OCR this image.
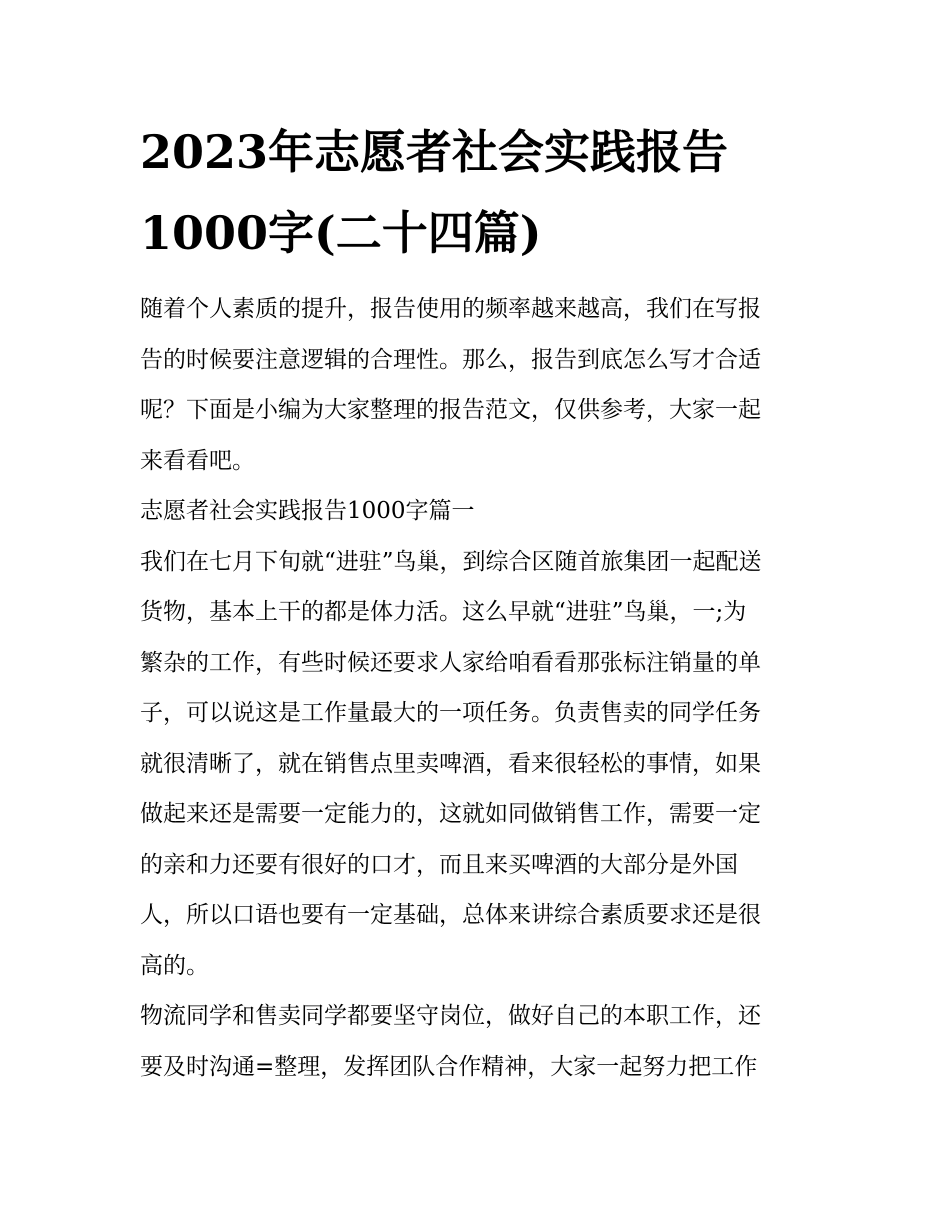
2023年志愿者社会实践报告
1000字(二十四篇)

随着个人素质的提升，报告使用的频率越来越高，我们在写报
告的时候要注意逻辑的合理性。那么，报告到底怎么写才合适
呢？下面是小编为大家整理的报告范文，仅供参考，大家一起
来看看吧。

志愿者社会实践报告1000字篇一

我们在七月下旬就“进驻”鸟巢，到综合区随首旅集团一起配送
货物，基本上干的都是体力活。这么早就“进驻”鸟巢，一;为
繁杂的工作，有些时候还要求人家给咱看看那张标注销量的单
子，可以说这是工作量最大的一项任务。负责售卖的同学任务
就很清晰了，就在销售点里卖啤酒，看来很轻松的事情，如果
做起来还是需要一定能力的，这就如同做销售工作，需要一定
的亲和力还要有很好的口才，而且来买啤酒的大部分是外国
人，所以口语也要有一定基础，总体来讲综合素质要求还是很
高的。

物流同学和售卖同学都要坚守岗位，做好自己的本职工作，还
要及时沟通=整理，发挥团队合作精神，大家一起努力把工作
